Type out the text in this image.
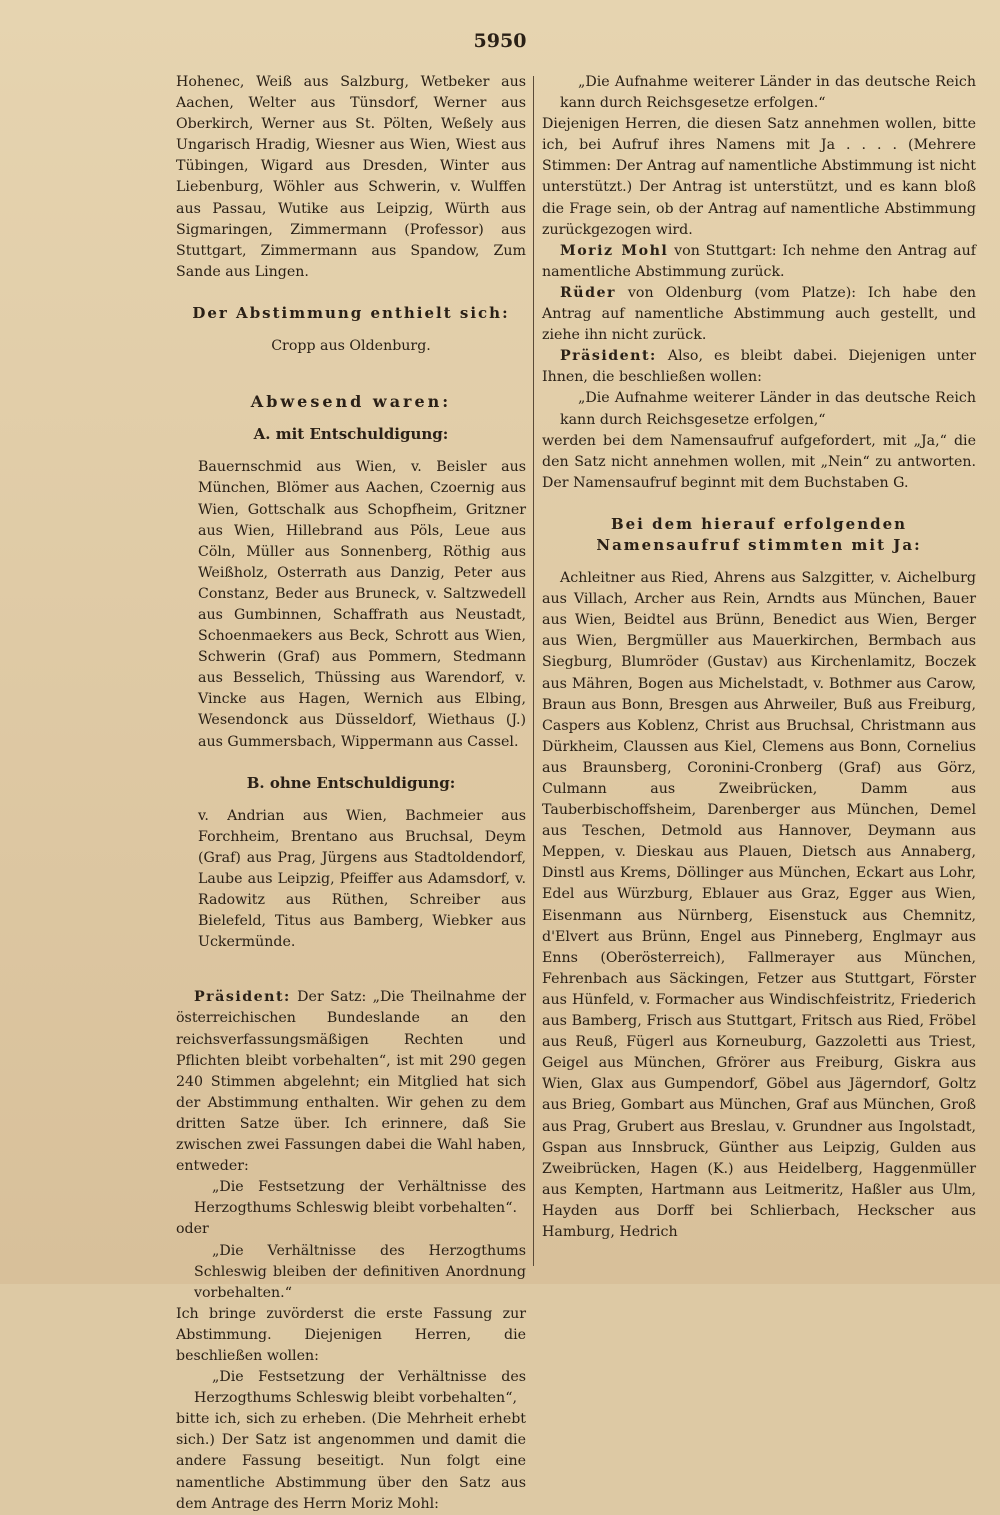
5950

Hohenec, Weiß aus Salzburg, Wetbeker aus Aachen, Welter aus Tünsdorf, Werner aus Oberkirch, Werner aus St. Pölten, Weßely aus Ungarisch Hradig, Wiesner aus Wien, Wiest aus Tübingen, Wigard aus Dresden, Winter aus Liebenburg, Wöhler aus Schwerin, v. Wulffen aus Passau, Wutike aus Leipzig, Würth aus Sigmaringen, Zimmermann (Professor) aus Stuttgart, Zimmermann aus Spandow, Zum Sande aus Lingen.

Der Abstimmung enthielt sich:

Cropp aus Oldenburg.

Abwesend waren:

A. mit Entschuldigung:

Bauernschmid aus Wien, v. Beisler aus München, Blömer aus Aachen, Czoernig aus Wien, Gottschalk aus Schopfheim, Gritzner aus Wien, Hillebrand aus Pöls, Leue aus Cöln, Müller aus Sonnenberg, Röthig aus Weißholz, Osterrath aus Danzig, Peter aus Constanz, Beder aus Bruneck, v. Saltzwedell aus Gumbinnen, Schaffrath aus Neustadt, Schoenmaekers aus Beck, Schrott aus Wien, Schwerin (Graf) aus Pommern, Stedmann aus Besselich, Thüssing aus Warendorf, v. Vincke aus Hagen, Wernich aus Elbing, Wesendonck aus Düsseldorf, Wiethaus (J.) aus Gummersbach, Wippermann aus Cassel.

B. ohne Entschuldigung:

v. Andrian aus Wien, Bachmeier aus Forchheim, Brentano aus Bruchsal, Deym (Graf) aus Prag, Jürgens aus Stadtoldendorf, Laube aus Leipzig, Pfeiffer aus Adamsdorf, v. Radowitz aus Rüthen, Schreiber aus Bielefeld, Titus aus Bamberg, Wiebker aus Uckermünde.

Präsident: Der Satz: „Die Theilnahme der österreichischen Bundeslande an den reichsverfassungsmäßigen Rechten und Pflichten bleibt vorbehalten“, ist mit 290 gegen 240 Stimmen abgelehnt; ein Mitglied hat sich der Abstimmung enthalten. Wir gehen zu dem dritten Satze über. Ich erinnere, daß Sie zwischen zwei Fassungen dabei die Wahl haben, entweder:

„Die Festsetzung der Verhältnisse des Herzogthums Schleswig bleibt vorbehalten“.

oder

„Die Verhältnisse des Herzogthums Schleswig bleiben der definitiven Anordnung vorbehalten.“

Ich bringe zuvörderst die erste Fassung zur Abstimmung. Diejenigen Herren, die beschließen wollen:

„Die Festsetzung der Verhältnisse des Herzogthums Schleswig bleibt vorbehalten“,

bitte ich, sich zu erheben. (Die Mehrheit erhebt sich.) Der Satz ist angenommen und damit die andere Fassung beseitigt. Nun folgt eine namentliche Abstimmung über den Satz aus dem Antrage des Herrn Moriz Mohl:

„Die Aufnahme weiterer Länder in das deutsche Reich kann durch Reichsgesetze erfolgen.“

Diejenigen Herren, die diesen Satz annehmen wollen, bitte ich, bei Aufruf ihres Namens mit Ja . . . . (Mehrere Stimmen: Der Antrag auf namentliche Abstimmung ist nicht unterstützt.) Der Antrag ist unterstützt, und es kann bloß die Frage sein, ob der Antrag auf namentliche Abstimmung zurückgezogen wird.

Moriz Mohl von Stuttgart: Ich nehme den Antrag auf namentliche Abstimmung zurück.

Rüder von Oldenburg (vom Platze): Ich habe den Antrag auf namentliche Abstimmung auch gestellt, und ziehe ihn nicht zurück.

Präsident: Also, es bleibt dabei. Diejenigen unter Ihnen, die beschließen wollen:

„Die Aufnahme weiterer Länder in das deutsche Reich kann durch Reichsgesetze erfolgen,“

werden bei dem Namensaufruf aufgefordert, mit „Ja,“ die den Satz nicht annehmen wollen, mit „Nein“ zu antworten. Der Namensaufruf beginnt mit dem Buchstaben G.

Bei dem hierauf erfolgenden Namensaufruf stimmten mit Ja:

Achleitner aus Ried, Ahrens aus Salzgitter, v. Aichelburg aus Villach, Archer aus Rein, Arndts aus München, Bauer aus Wien, Beidtel aus Brünn, Benedict aus Wien, Berger aus Wien, Bergmüller aus Mauerkirchen, Bermbach aus Siegburg, Blumröder (Gustav) aus Kirchenlamitz, Boczek aus Mähren, Bogen aus Michelstadt, v. Bothmer aus Carow, Braun aus Bonn, Bresgen aus Ahrweiler, Buß aus Freiburg, Caspers aus Koblenz, Christ aus Bruchsal, Christmann aus Dürkheim, Claussen aus Kiel, Clemens aus Bonn, Cornelius aus Braunsberg, Coronini-Cronberg (Graf) aus Görz, Culmann aus Zweibrücken, Damm aus Tauberbischoffsheim, Darenberger aus München, Demel aus Teschen, Detmold aus Hannover, Deymann aus Meppen, v. Dieskau aus Plauen, Dietsch aus Annaberg, Dinstl aus Krems, Döllinger aus München, Eckart aus Lohr, Edel aus Würzburg, Eblauer aus Graz, Egger aus Wien, Eisenmann aus Nürnberg, Eisenstuck aus Chemnitz, d'Elvert aus Brünn, Engel aus Pinneberg, Englmayr aus Enns (Oberösterreich), Fallmerayer aus München, Fehrenbach aus Säckingen, Fetzer aus Stuttgart, Förster aus Hünfeld, v. Formacher aus Windischfeistritz, Friederich aus Bamberg, Frisch aus Stuttgart, Fritsch aus Ried, Fröbel aus Reuß, Fügerl aus Korneuburg, Gazzoletti aus Triest, Geigel aus München, Gfrörer aus Freiburg, Giskra aus Wien, Glax aus Gumpendorf, Göbel aus Jägerndorf, Goltz aus Brieg, Gombart aus München, Graf aus München, Groß aus Prag, Grubert aus Breslau, v. Grundner aus Ingolstadt, Gspan aus Innsbruck, Günther aus Leipzig, Gulden aus Zweibrücken, Hagen (K.) aus Heidelberg, Haggenmüller aus Kempten, Hartmann aus Leitmeritz, Haßler aus Ulm, Hayden aus Dorff bei Schlierbach, Heckscher aus Hamburg, Hedrich
